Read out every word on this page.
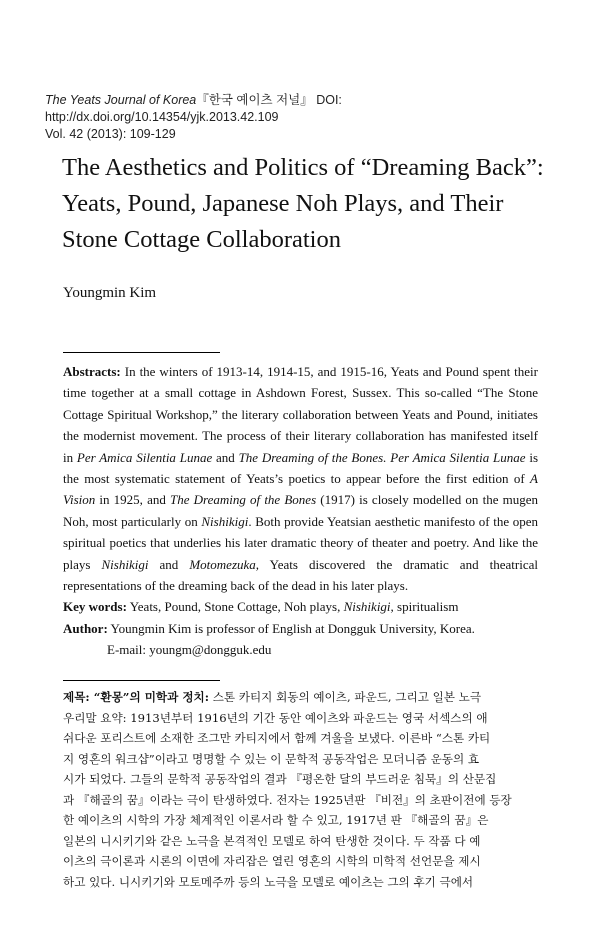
The Yeats Journal of Korea『한국 예이츠 저널』 DOI: http://dx.doi.org/10.14354/yjk.2013.42.109
Vol. 42 (2013): 109-129
The Aesthetics and Politics of “Dreaming Back”:
Yeats, Pound, Japanese Noh Plays, and Their
Stone Cottage Collaboration
Youngmin Kim

Abstracts: In the winters of 1913-14, 1914-15, and 1915-16, Yeats and Pound spent their time together at a small cottage in Ashdown Forest, Sussex. This so-called “The Stone Cottage Spiritual Workshop,” the literary collaboration between Yeats and Pound, initiates the modernist movement. The process of their literary collaboration has manifested itself in Per Amica Silentia Lunae and The Dreaming of the Bones. Per Amica Silentia Lunae is the most systematic statement of Yeats’s poetics to appear before the first edition of A Vision in 1925, and The Dreaming of the Bones (1917) is closely modelled on the mugen Noh, most particularly on Nishikigi. Both provide Yeatsian aesthetic manifesto of the open spiritual poetics that underlies his later dramatic theory of theater and poetry. And like the plays Nishikigi and Motomezuka, Yeats discovered the dramatic and theatrical representations of the dreaming back of the dead in his later plays.

Key words: Yeats, Pound, Stone Cottage, Noh plays, Nishikigi, spiritualism

Author: Youngmin Kim is professor of English at Dongguk University, Korea.

E-mail: youngm@dongguk.edu

제목: “환몽”의 미학과 정치: 스톤 카티지 회동의 예이츠, 파운드, 그리고 일본 노극
우리말 요약: 1913년부터 1916년의 기간 동안 예이츠와 파운드는 영국 서섹스의 애
쉬다운 포리스트에 소재한 조그만 카티지에서 함께 겨울을 보냈다. 이른바 “스톤 카티
지 영혼의 워크샵”이라고 명명할 수 있는 이 문학적 공동작업은 모더니즘 운동의 효
시가 되었다. 그들의 문학적 공동작업의 결과 『평온한 달의 부드러운 침묵』의 산문집
과 『해골의 꿈』이라는 극이 탄생하였다. 전자는 1925년판 『비전』의 초판이전에 등장
한 예이츠의 시학의 가장 체계적인 이론서라 할 수 있고, 1917년 판 『해골의 꿈』은
일본의 니시키기와 같은 노극을 본격적인 모델로 하여 탄생한 것이다. 두 작품 다 예
이츠의 극이론과 시론의 이면에 자리잡은 열린 영혼의 시학의 미학적 선언문을 제시
하고 있다. 니시키기와 모토메주까 등의 노극을 모델로 예이츠는 그의 후기 극에서
